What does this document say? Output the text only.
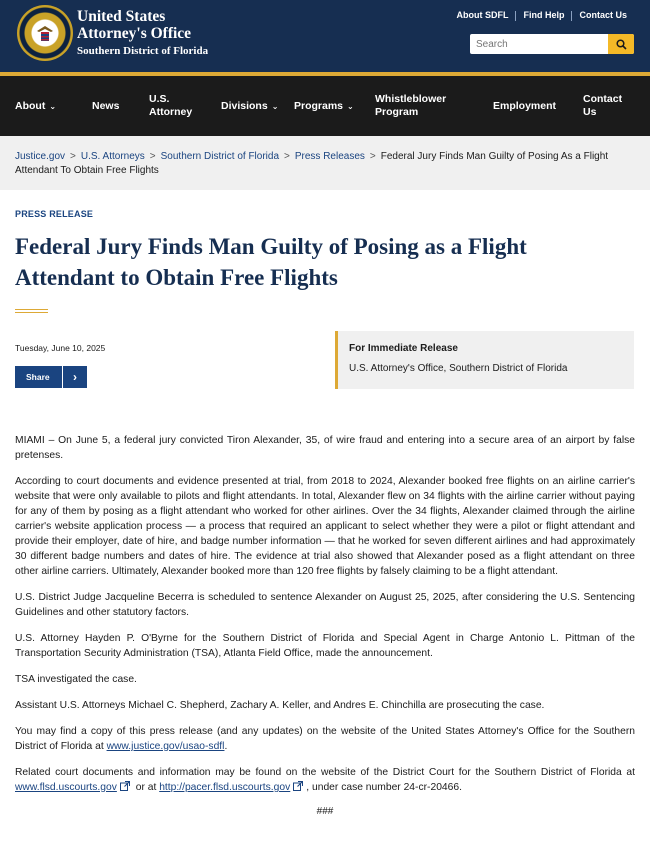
United States
Attorney's Office
Southern District of Florida
About SDFL	Find Help	Contact Us
Search
About ⌄	News
U.S. Attorney
Divisions ⌄ Programs ⌄
Whistleblower Program
Employment
Contact Us
Justice.gov > U.S. Attorneys > Southern District of Florida > Press Releases > Federal Jury Finds Man Guilty of Posing As a Flight Attendant To Obtain Free Flights
PRESS RELEASE
Federal Jury Finds Man Guilty of Posing as a Flight Attendant to Obtain Free Flights
Tuesday, June 10, 2025
Share	›
For Immediate Release
U.S. Attorney's Office, Southern District of Florida

MIAMI – On June 5, a federal jury convicted Tiron Alexander, 35, of wire fraud and entering into a secure area of an airport by false pretenses.

According to court documents and evidence presented at trial, from 2018 to 2024, Alexander booked free flights on an airline carrier's website that were only available to pilots and flight attendants. In total, Alexander flew on 34 flights with the airline carrier without paying for any of them by posing as a flight attendant who worked for other airlines. Over the 34 flights, Alexander claimed through the airline carrier's website application process — a process that required an applicant to select whether they were a pilot or flight attendant and provide their employer, date of hire, and badge number information — that he worked for seven different airlines and had approximately 30 different badge numbers and dates of hire. The evidence at trial also showed that Alexander posed as a flight attendant on three other airline carriers. Ultimately, Alexander booked more than 120 free flights by falsely claiming to be a flight attendant.

U.S. District Judge Jacqueline Becerra is scheduled to sentence Alexander on August 25, 2025, after considering the U.S. Sentencing Guidelines and other statutory factors.

U.S. Attorney Hayden P. O'Byrne for the Southern District of Florida and Special Agent in Charge Antonio L. Pittman of the Transportation Security Administration (TSA), Atlanta Field Office, made the announcement.

TSA investigated the case.

Assistant U.S. Attorneys Michael C. Shepherd, Zachary A. Keller, and Andres E. Chinchilla are prosecuting the case.

You may find a copy of this press release (and any updates) on the website of the United States Attorney's Office for the Southern District of Florida at www.justice.gov/usao-sdfl.

Related court documents and information may be found on the website of the District Court for the Southern District of Florida at www.flsd.uscourts.gov or at http://pacer.flsd.uscourts.gov , under case number 24-cr-20466.

###
